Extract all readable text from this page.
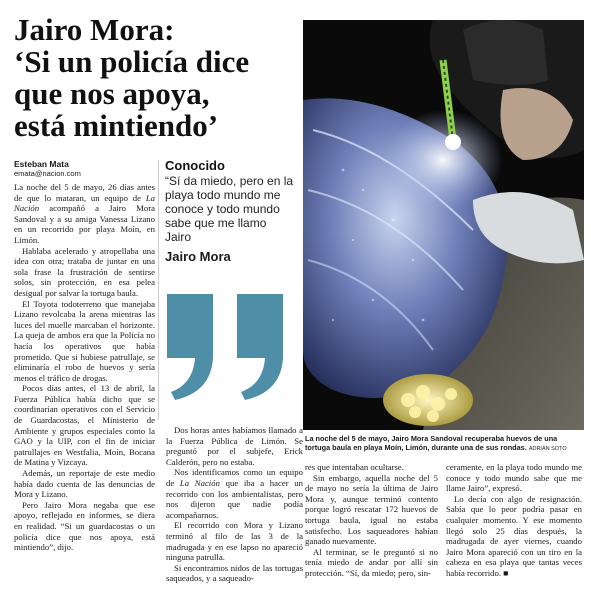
Jairo Mora:
‘Si un policía dice
que nos apoya,
está mintiendo’
Esteban Mata
emata@nacion.com

La noche del 5 de mayo, 26 días antes de que lo mataran, un equipo de La Nación acompañó a Jairo Mora Sandoval y a su amiga Vanessa Lizano en un recorrido por playa Moín, en Limón.

Hablaba acelerado y atropellaba una idea con otra; trataba de juntar en una sola frase la frustración de sentirse solos, sin protección, en esa pelea desigual por salvar la tortuga baula.

El Toyota todoterreno que manejaba Lizano revolcaba la arena mientras las luces del muelle marcaban el horizonte. La queja de ambos era que la Policía no hacía los operativos que había prometido. Que si hubiese patrullaje, se eliminaría el robo de huevos y sería menos el tráfico de drogas.

Pocos días antes, el 13 de abril, la Fuerza Pública había dicho que se coordinarían operativos con el Servicio de Guardacostas, el Ministerio de Ambiente y grupos especiales como la GAO y la UIP, con el fin de iniciar patrullajes en Westfalia, Moín, Bocana de Matina y Vizcaya.

Además, un reportaje de este medio había dado cuenta de las denuncias de Mora y Lizano.

Pero Jairo Mora negaba que ese apoyo, reflejado en informes, se diera en realidad. “Si un guardacostas o un policía dice que nos apoya, está mintiendo”, dijo.

Conocido
“Sí da miedo, pero en la playa todo mundo me conoce y todo mundo sabe que me llamo Jairo
Jairo Mora

Dos horas antes habíamos llamado a la Fuerza Pública de Limón. Se preguntó por el subjefe, Erick Calderón, pero no estaba.

Nos identificamos como un equipo de La Nación que iba a hacer un recorrido con los ambientalistas, pero nos dijeron que nadie podía acompañarnos.

El recorrido con Mora y Lizano terminó al filo de las 3 de la madrugada y en ese lapso no apareció ninguna patrulla.

Si encontramos nidos de las tortugas saqueados, y a saqueado-

La noche del 5 de mayo, Jairo Mora Sandoval recuperaba huevos de una tortuga baula en playa Moín, Limón, durante una de sus rondas. ADRIÁN SOTO

res que intentaban ocultarse.

Sin embargo, aquella noche del 5 de mayo no sería la última de Jairo Mora y, aunque terminó contento porque logró rescatar 172 huevos de tortuga baula, igual no estaba satisfecho. Los saqueadores habían ganado nuevamente.

Al terminar, se le preguntó si no tenía miedo de andar por allí sin protección. “Sí, da miedo; pero, sin-

ceramente, en la playa todo mundo me conoce y todo mundo sabe que me llame Jairo”, expresó.

Lo decía con algo de resignación. Sabía que lo peor podría pasar en cualquier momento. Y ese momento llegó solo 25 días después, la madrugada de ayer viernes, cuando Jairo Mora apareció con un tiro en la cabeza en esa playa que tantas veces había recorrido. ■
